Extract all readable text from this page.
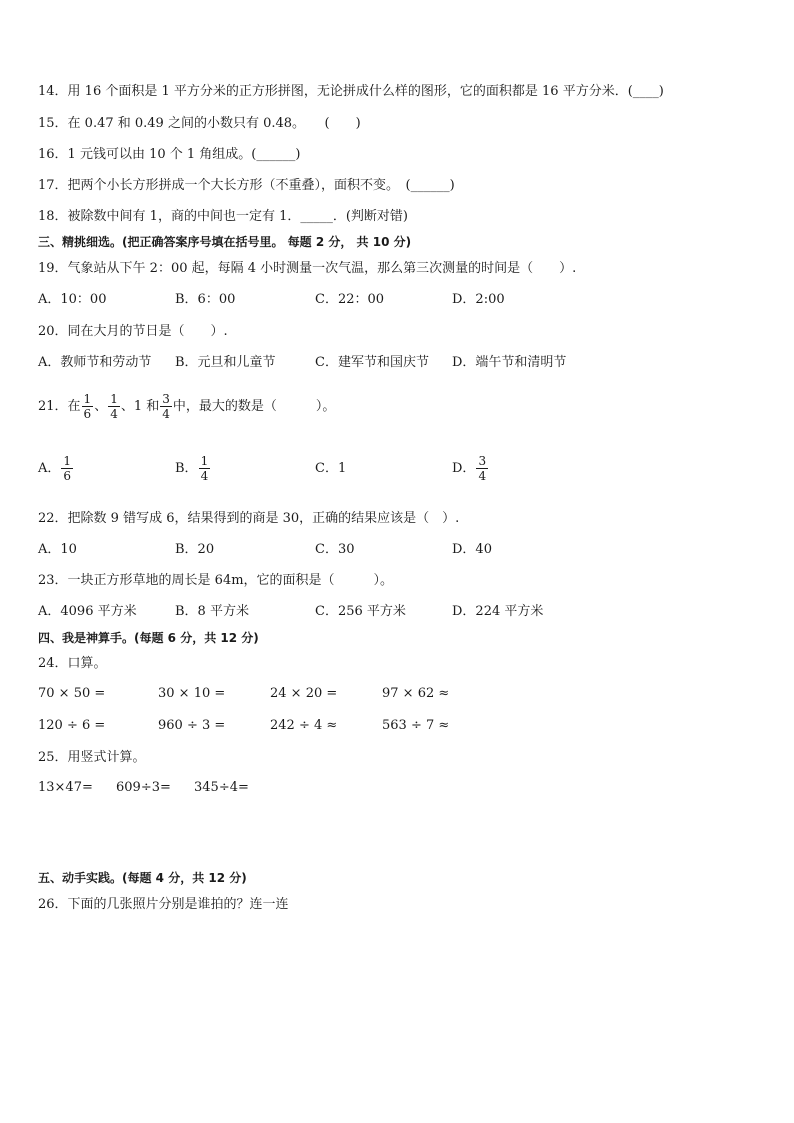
14．用 16 个面积是 1 平方分米的正方形拼图，无论拼成什么样的图形，它的面积都是 16 平方分米．(____)
15．在 0.47 和 0.49 之间的小数只有 0.48。　　(　　)
16．1 元钱可以由 10 个 1 角组成。(______)
17．把两个小长方形拼成一个大长方形（不重叠），面积不变。　(______)
18．被除数中间有 1，商的中间也一定有 1．_____．(判断对错)
三、精挑细选。(把正确答案序号填在括号里。 每题 2 分， 共 10 分)
19．气象站从下午 2：00 起，每隔 4 小时测量一次气温，那么第三次测量的时间是（　　）.
A．10：00	B．6：00	C．22：00	D．2:00
20．同在大月的节日是（　　）.
A．教师节和劳动节 B．元旦和儿童节	C．建军节和国庆节 D．端午节和清明节
21．在 $\frac{1}{6}$ 、 $\frac{1}{4}$ 、1 和 $\frac{3}{4}$ 中，最大的数是（　　　）。
A． $\frac{1}{6}$	B． $\frac{1}{4}$	C．1	D． $\frac{3}{4}$
22．把除数 9 错写成 6，结果得到的商是 30，正确的结果应该是（　）.
A．10	B．20	C．30	D．40
23．一块正方形草地的周长是 64m，它的面积是（　　　）。
A．4096 平方米	B．8 平方米	C．256 平方米	D．224 平方米
四、我是神算手。(每题 6 分，共 12 分)
24．口算。
70 × 50 =	30 × 10 =	24 × 20 =	97 × 62 ≈
120 ÷ 6 =	960 ÷ 3 =	242 ÷ 4 ≈	563 ÷ 7 ≈
25．用竖式计算。
13×47= 609÷3= 345÷4=
五、动手实践。(每题 4 分，共 12 分)
26．下面的几张照片分别是谁拍的？连一连
